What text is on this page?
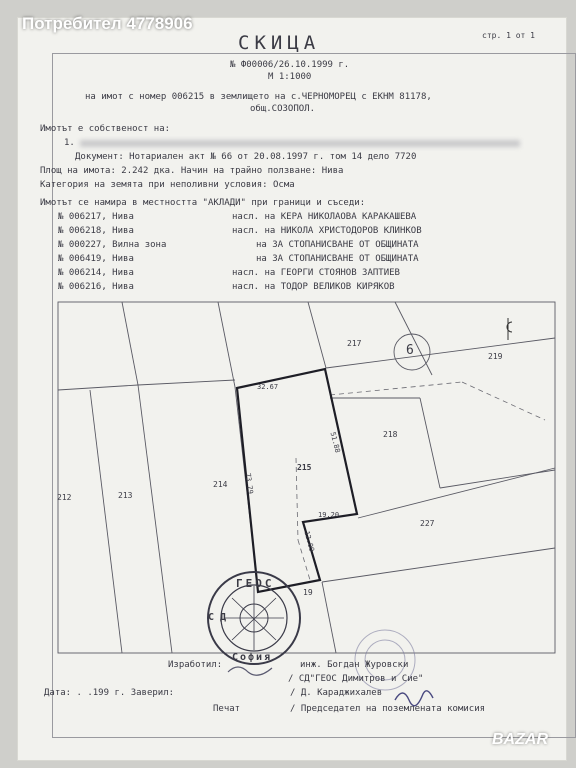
стр. 1 от 1
СКИЦА
№ Ф00006/26.10.1999 г.
М 1:1000
на имот с номер 006215 в землището на с.ЧЕРНОМОРЕЦ с ЕКНМ 81178,
общ.СОЗОПОЛ.
Имотът е собственост на:
1.
Документ: Нотариален акт № 66 от 20.08.1997 г. том 14 дело 7720
Площ на имота: 2.242 дка. Начин на трайно ползване: Нива
Категория на земята при неполивни условия: Осма
Имотът се намира в местността "АКЛАДИ" при граници и съседи:
№ 006217, Нива	насл. на КЕРА НИКОЛАОВА КАРАКАШЕВА
№ 006218, Нива	насл. на НИКОЛА ХРИСТОДОРОВ КЛИНКОВ
№ 000227, Вилна зона	на ЗА СТОПАНИСВАНЕ ОТ ОБЩИНАТА
№ 006419, Нива	на ЗА СТОПАНИСВАНЕ ОТ ОБЩИНАТА
№ 006214, Нива	насл. на ГЕОРГИ СТОЯНОВ ЗАПТИЕВ
№ 006216, Нива	насл. на ТОДОР ВЕЛИКОВ КИРЯКОВ
217
219
218
214
213
212
227
215
19
6
32.67
51.88
73.79
19.20
12.09
ГЕОС
София
С Д
Изработил:	инж. Богдан Журовски
/ СД"ГЕОС Димитров и Сие"
Дата: . .199 г. Заверил:	/ Д. Караджихалев
Печат	/ Председател на поземлената комисия
Потребител 4778906
BAZAR
